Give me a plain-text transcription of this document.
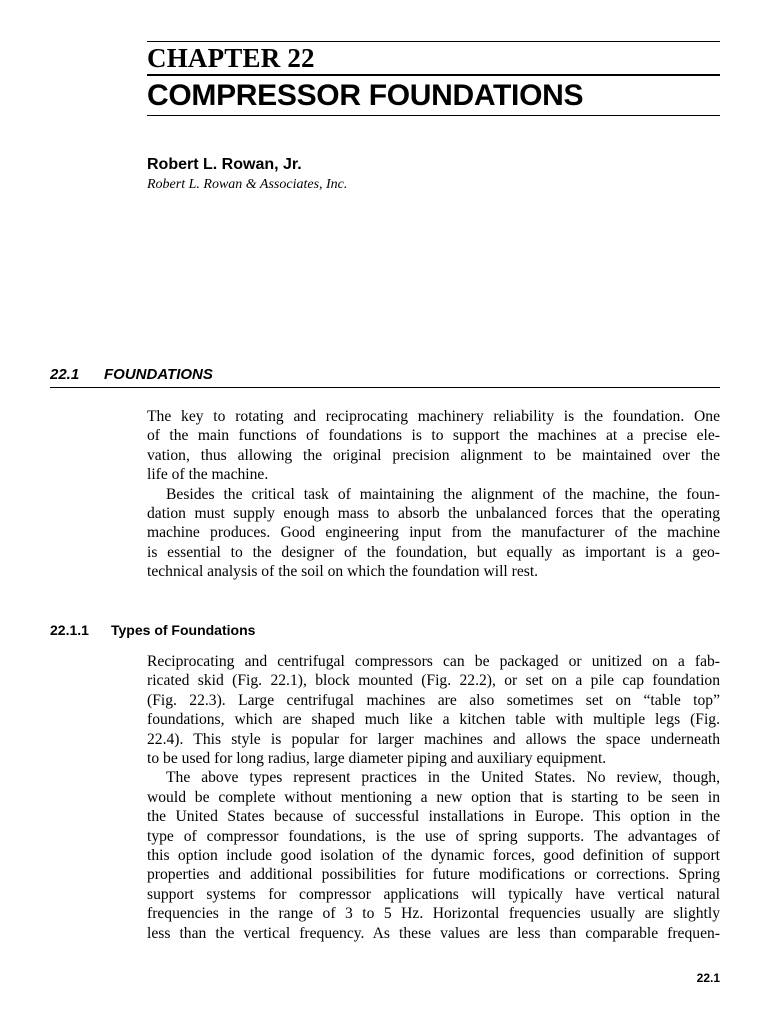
CHAPTER 22
COMPRESSOR FOUNDATIONS
Robert L. Rowan, Jr.
Robert L. Rowan & Associates, Inc.
22.1 FOUNDATIONS
The key to rotating and reciprocating machinery reliability is the foundation. One
of the main functions of foundations is to support the machines at a precise ele-
vation, thus allowing the original precision alignment to be maintained over the
life of the machine.
Besides the critical task of maintaining the alignment of the machine, the foun-
dation must supply enough mass to absorb the unbalanced forces that the operating
machine produces. Good engineering input from the manufacturer of the machine
is essential to the designer of the foundation, but equally as important is a geo-
technical analysis of the soil on which the foundation will rest.
22.1.1 Types of Foundations
Reciprocating and centrifugal compressors can be packaged or unitized on a fab-
ricated skid (Fig. 22.1), block mounted (Fig. 22.2), or set on a pile cap foundation
(Fig. 22.3). Large centrifugal machines are also sometimes set on “table top”
foundations, which are shaped much like a kitchen table with multiple legs (Fig.
22.4). This style is popular for larger machines and allows the space underneath
to be used for long radius, large diameter piping and auxiliary equipment.
The above types represent practices in the United States. No review, though,
would be complete without mentioning a new option that is starting to be seen in
the United States because of successful installations in Europe. This option in the
type of compressor foundations, is the use of spring supports. The advantages of
this option include good isolation of the dynamic forces, good definition of support
properties and additional possibilities for future modifications or corrections. Spring
support systems for compressor applications will typically have vertical natural
frequencies in the range of 3 to 5 Hz. Horizontal frequencies usually are slightly
less than the vertical frequency. As these values are less than comparable frequen-
22.1
